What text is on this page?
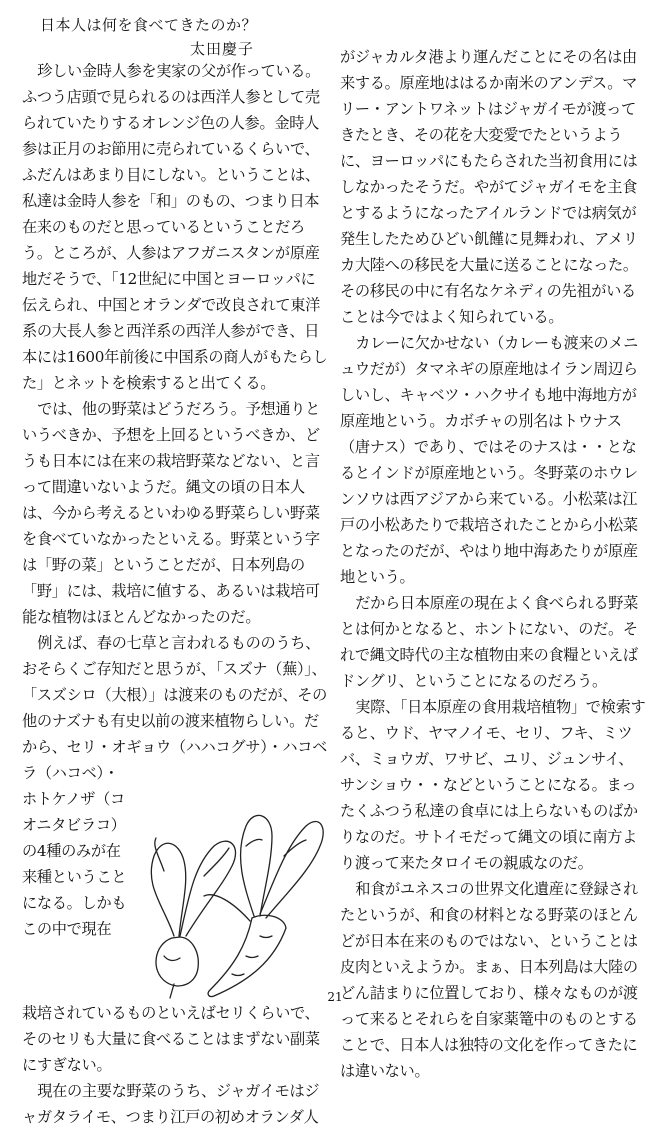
日本人は何を食べてきたのか？
太田慶子

珍しい金時人参を実家の父が作っている。ふつう店頭で見られるのは西洋人参として売られていたりするオレンジ色の人参。金時人参は正月のお節用に売られているくらいで、ふだんはあまり目にしない。ということは、私達は金時人参を「和」のもの、つまり日本在来のものだと思っているということだろう。ところが、人参はアフガニスタンが原産地だそうで、「12世紀に中国とヨーロッパに伝えられ、中国とオランダで改良されて東洋系の大長人参と西洋系の西洋人参ができ、日本には1600年前後に中国系の商人がもたらした」とネットを検索すると出てくる。

では、他の野菜はどうだろう。予想通りというべきか、予想を上回るというべきか、どうも日本には在来の栽培野菜などない、と言って間違いないようだ。縄文の頃の日本人は、今から考えるといわゆる野菜らしい野菜を食べていなかったといえる。野菜という字は「野の菜」ということだが、日本列島の「野」には、栽培に値する、あるいは栽培可能な植物はほとんどなかったのだ。

例えば、春の七草と言われるもののうち、おそらくご存知だと思うが、「スズナ（蕪）」、「スズシロ（大根）」は渡来のものだが、その他のナズナも有史以前の渡来植物らしい。だから、セリ・オギョウ（ハハコグサ）・ハコベラ（ハコベ）・

ホトケノザ（コオニタビラコ）の4種のみが在来種ということになる。しかもこの中で現在

栽培されているものといえばセリくらいで、そのセリも大量に食べることはまずない副菜にすぎない。

現在の主要な野菜のうち、ジャガイモはジャガタライモ、つまり江戸の初めオランダ人

がジャカルタ港より運んだことにその名は由来する。原産地ははるか南米のアンデス。マリー・アントワネットはジャガイモが渡ってきたとき、その花を大変愛でたというように、ヨーロッパにもたらされた当初食用にはしなかったそうだ。やがてジャガイモを主食とするようになったアイルランドでは病気が発生したためひどい飢饉に見舞われ、アメリカ大陸への移民を大量に送ることになった。その移民の中に有名なケネディの先祖がいることは今ではよく知られている。

カレーに欠かせない（カレーも渡来のメニュウだが）タマネギの原産地はイラン周辺らしいし、キャベツ・ハクサイも地中海地方が原産地という。カボチャの別名はトウナス（唐ナス）であり、ではそのナスは・・となるとインドが原産地という。冬野菜のホウレンソウは西アジアから来ている。小松菜は江戸の小松あたりで栽培されたことから小松菜となったのだが、やはり地中海あたりが原産地という。

だから日本原産の現在よく食べられる野菜とは何かとなると、ホントにない、のだ。それで縄文時代の主な植物由来の食糧といえばドングリ、ということになるのだろう。

実際、「日本原産の食用栽培植物」で検索すると、ウド、ヤマノイモ、セリ、フキ、ミツバ、ミョウガ、ワサビ、ユリ、ジュンサイ、サンショウ・・などということになる。まったくふつう私達の食卓には上らないものばかりなのだ。サトイモだって縄文の頃に南方より渡って来たタロイモの親戚なのだ。

和食がユネスコの世界文化遺産に登録されたというが、和食の材料となる野菜のほとんどが日本在来のものではない、ということは皮肉といえようか。まぁ、日本列島は大陸のどん詰まりに位置しており、様々なものが渡って来るとそれらを自家薬篭中のものとすることで、日本人は独特の文化を作ってきたには違いない。

21
